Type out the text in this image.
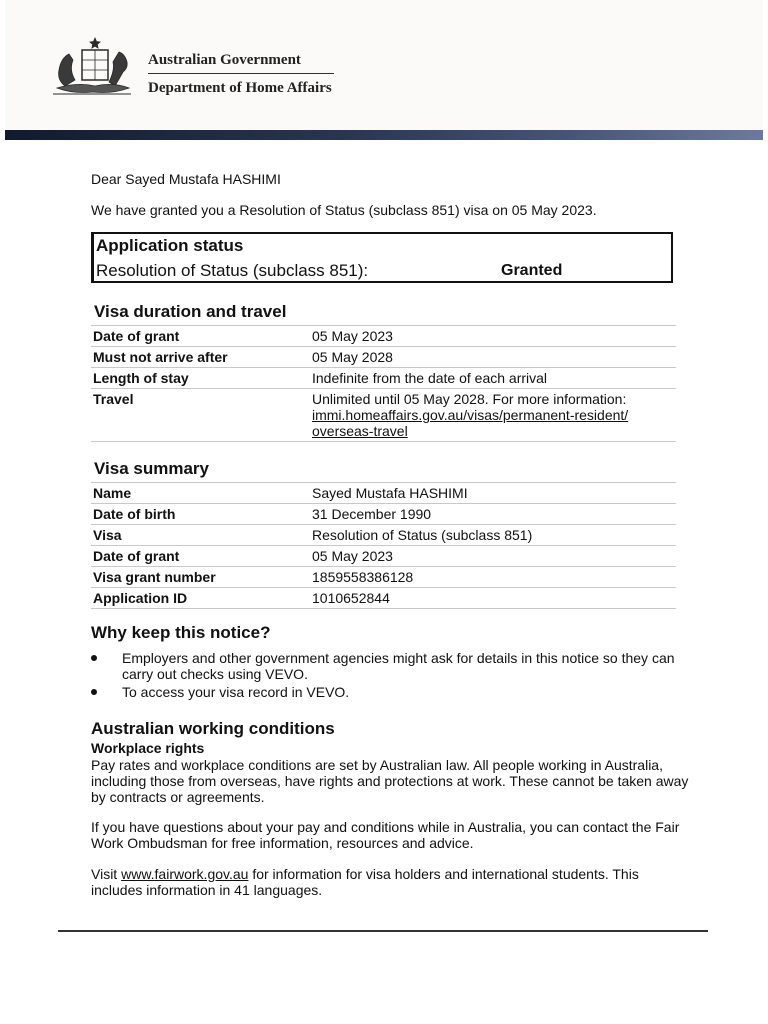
Australian Government
Department of Home Affairs
Dear Sayed Mustafa HASHIMI
We have granted you a Resolution of Status (subclass 851) visa on 05 May 2023.
Application status
Resolution of Status (subclass 851):	Granted
Visa duration and travel
Date of grant	05 May 2023
Must not arrive after	05 May 2028
Length of stay	Indefinite from the date of each arrival
Travel	Unlimited until 05 May 2028. For more information:
immi.homeaffairs.gov.au/visas/permanent-resident/
overseas-travel
Visa summary
Name	Sayed Mustafa HASHIMI
Date of birth	31 December 1990
Visa	Resolution of Status (subclass 851)
Date of grant	05 May 2023
Visa grant number	1859558386128
Application ID	1010652844
Why keep this notice?
Employers and other government agencies might ask for details in this notice so they can carry out checks using VEVO.
To access your visa record in VEVO.
Australian working conditions
Workplace rights
Pay rates and workplace conditions are set by Australian law. All people working in Australia, including those from overseas, have rights and protections at work. These cannot be taken away by contracts or agreements.
If you have questions about your pay and conditions while in Australia, you can contact the Fair Work Ombudsman for free information, resources and advice.
Visit www.fairwork.gov.au for information for visa holders and international students. This includes information in 41 languages.
